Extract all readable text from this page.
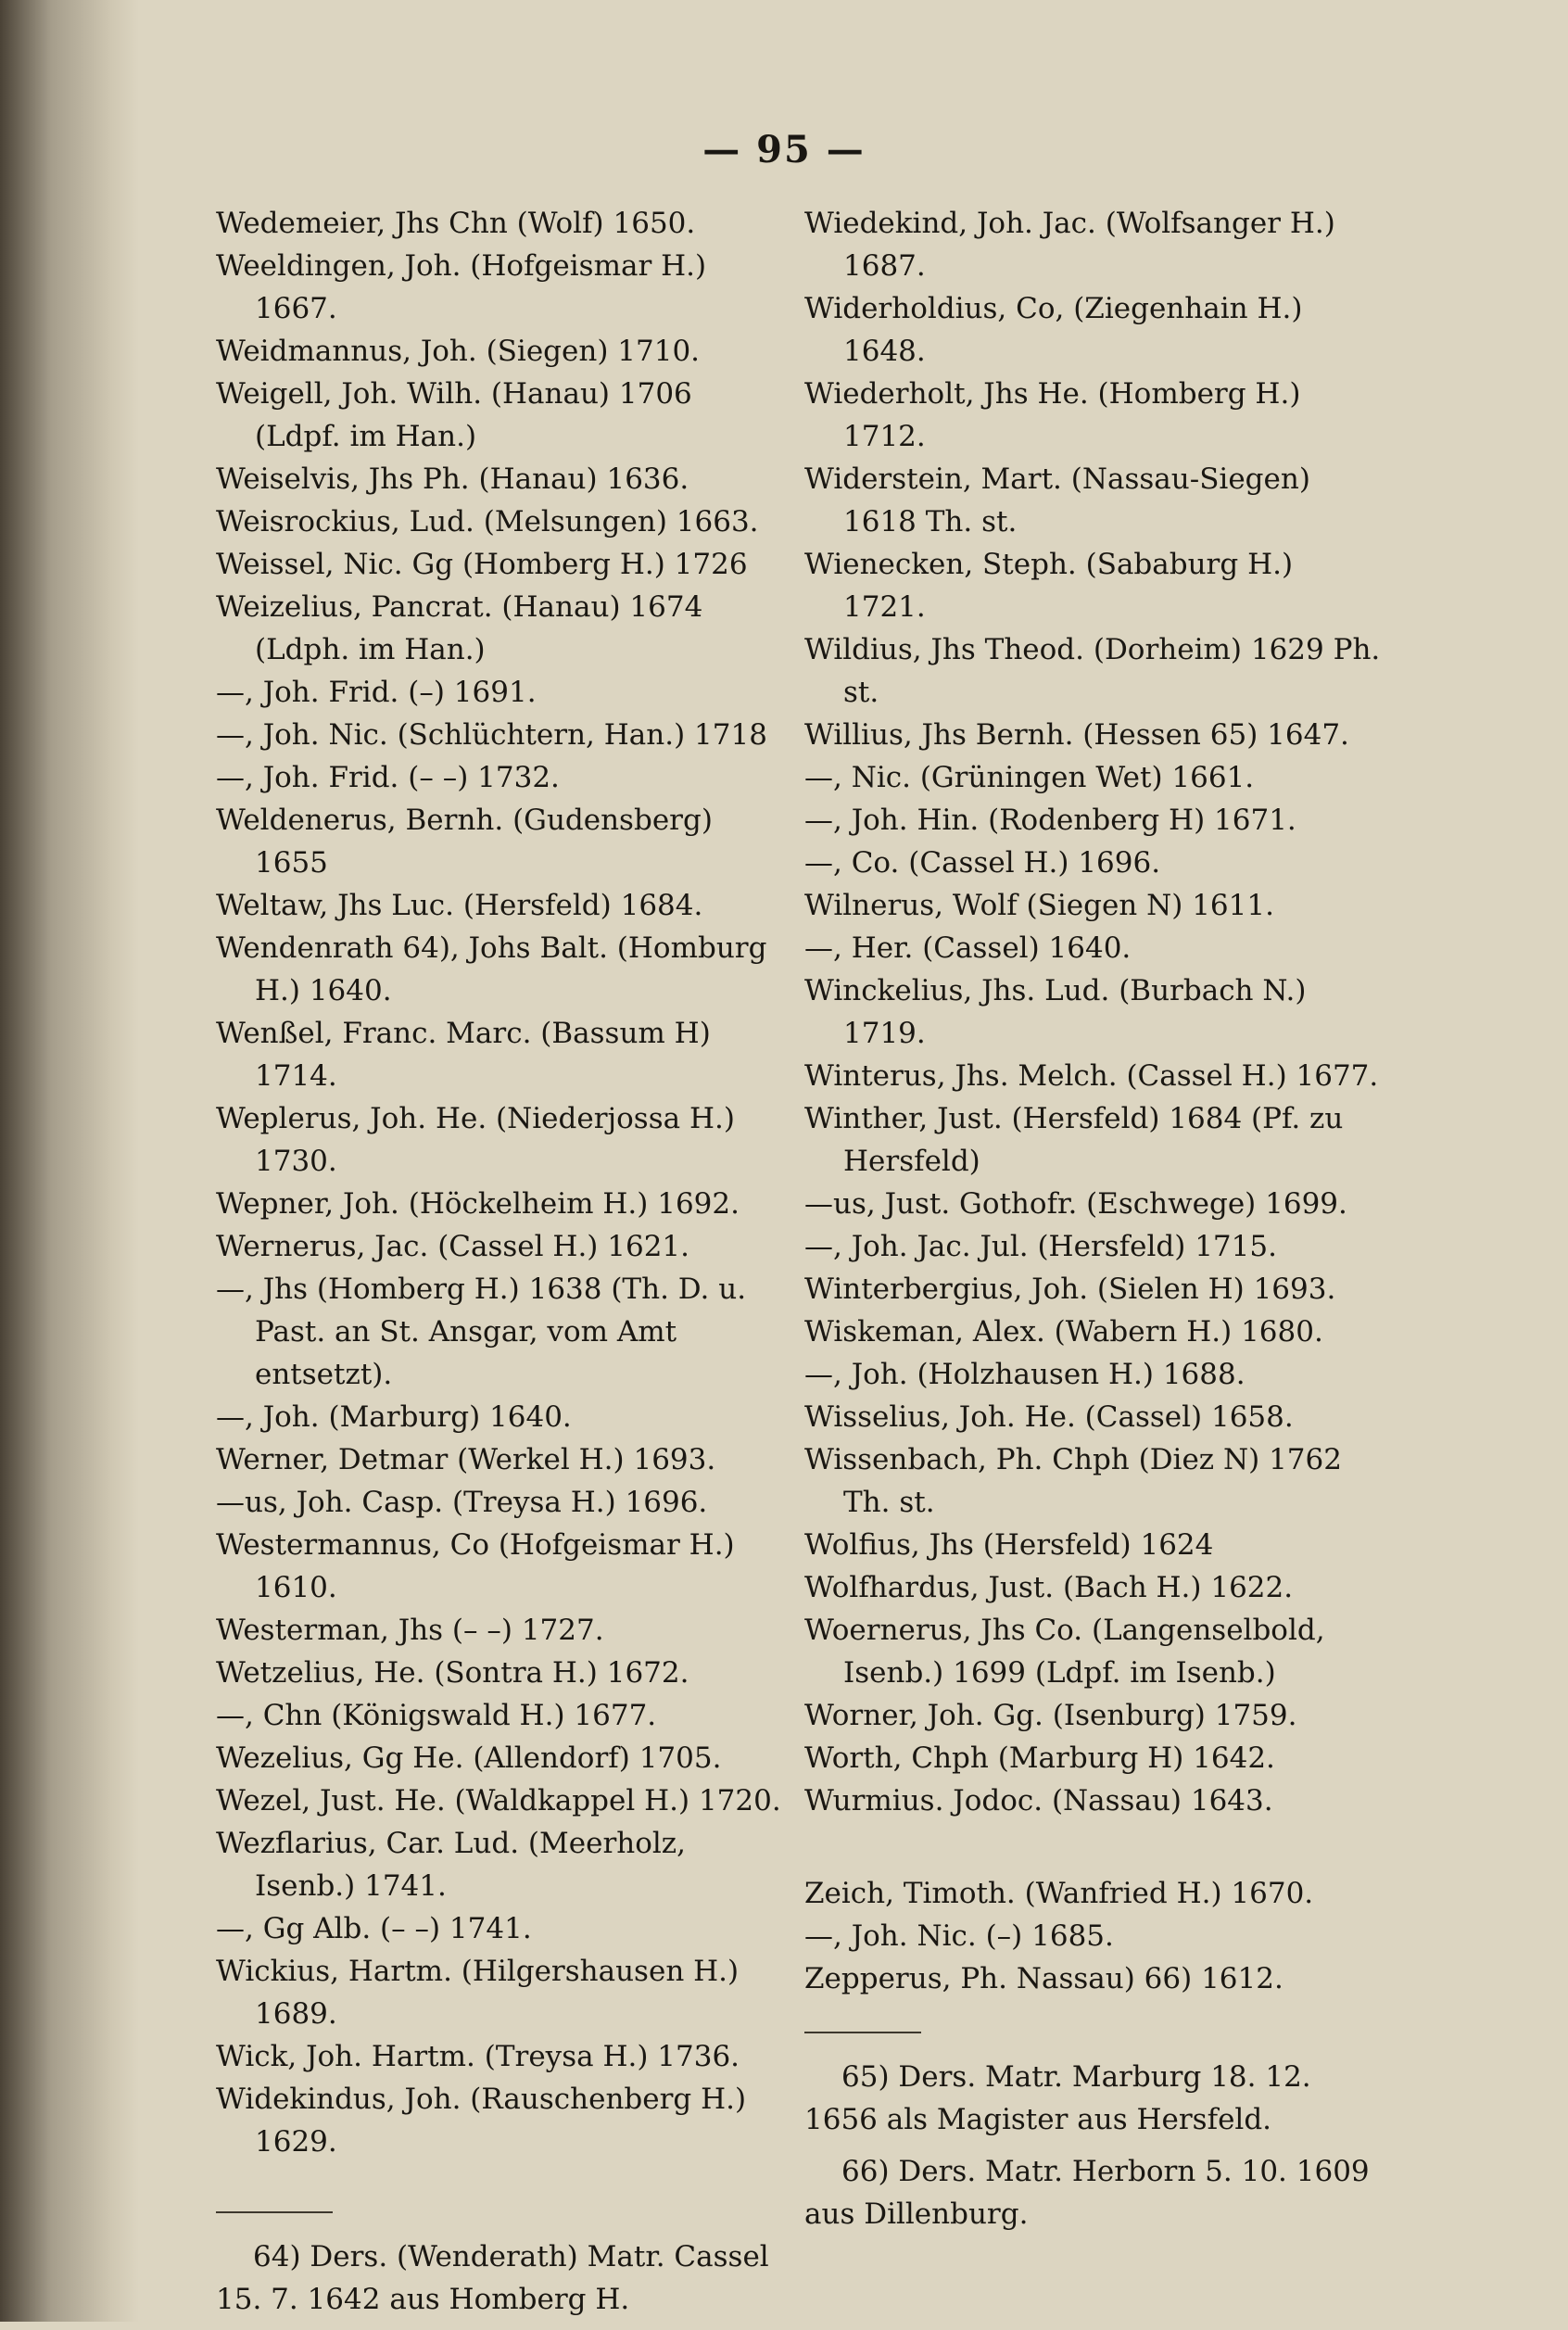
— 95 —

Wedemeier, Jhs Chn (Wolf) 1650.

Weeldingen, Joh. (Hofgeismar H.) 1667.

Weidmannus, Joh. (Siegen) 1710.

Weigell, Joh. Wilh. (Hanau) 1706 (Ldpf. im Han.)

Weiselvis, Jhs Ph. (Hanau) 1636.

Weisrockius, Lud. (Melsungen) 1663.

Weissel, Nic. Gg (Homberg H.) 1726

Weizelius, Pancrat. (Hanau) 1674 (Ldph. im Han.)

—, Joh. Frid. (–) 1691.

—, Joh. Nic. (Schlüchtern, Han.) 1718

—, Joh. Frid. (– –) 1732.

Weldenerus, Bernh. (Gudensberg) 1655

Weltaw, Jhs Luc. (Hersfeld) 1684.

Wendenrath 64), Johs Balt. (Homburg H.) 1640.

Wenßel, Franc. Marc. (Bassum H) 1714.

Weplerus, Joh. He. (Niederjossa H.) 1730.

Wepner, Joh. (Höckelheim H.) 1692.

Wernerus, Jac. (Cassel H.) 1621.

—, Jhs (Homberg H.) 1638 (Th. D. u. Past. an St. Ansgar, vom Amt entsetzt).

—, Joh. (Marburg) 1640.

Werner, Detmar (Werkel H.) 1693.

—us, Joh. Casp. (Treysa H.) 1696.

Westermannus, Co (Hofgeismar H.) 1610.

Westerman, Jhs (– –) 1727.

Wetzelius, He. (Sontra H.) 1672.

—, Chn (Königswald H.) 1677.

Wezelius, Gg He. (Allendorf) 1705.

Wezel, Just. He. (Waldkappel H.) 1720.

Wezflarius, Car. Lud. (Meerholz, Isenb.) 1741.

—, Gg Alb. (– –) 1741.

Wickius, Hartm. (Hilgershausen H.) 1689.

Wick, Joh. Hartm. (Treysa H.) 1736.

Widekindus, Joh. (Rauschenberg H.) 1629.

64) Ders. (Wenderath) Matr. Cassel 15. 7. 1642 aus Homberg H.

Wiedekind, Joh. Jac. (Wolfsanger H.) 1687.

Widerholdius, Co, (Ziegenhain H.) 1648.

Wiederholt, Jhs He. (Homberg H.) 1712.

Widerstein, Mart. (Nassau-Siegen) 1618 Th. st.

Wienecken, Steph. (Sababurg H.) 1721.

Wildius, Jhs Theod. (Dorheim) 1629 Ph. st.

Willius, Jhs Bernh. (Hessen 65) 1647.

—, Nic. (Grüningen Wet) 1661.

—, Joh. Hin. (Rodenberg H) 1671.

—, Co. (Cassel H.) 1696.

Wilnerus, Wolf (Siegen N) 1611.

—, Her. (Cassel) 1640.

Winckelius, Jhs. Lud. (Burbach N.) 1719.

Winterus, Jhs. Melch. (Cassel H.) 1677.

Winther, Just. (Hersfeld) 1684 (Pf. zu Hersfeld)

—us, Just. Gothofr. (Eschwege) 1699.

—, Joh. Jac. Jul. (Hersfeld) 1715.

Winterbergius, Joh. (Sielen H) 1693.

Wiskeman, Alex. (Wabern H.) 1680.

—, Joh. (Holzhausen H.) 1688.

Wisselius, Joh. He. (Cassel) 1658.

Wissenbach, Ph. Chph (Diez N) 1762 Th. st.

Wolfius, Jhs (Hersfeld) 1624

Wolfhardus, Just. (Bach H.) 1622.

Woernerus, Jhs Co. (Langenselbold, Isenb.) 1699 (Ldpf. im Isenb.)

Worner, Joh. Gg. (Isenburg) 1759.

Worth, Chph (Marburg H) 1642.

Wurmius. Jodoc. (Nassau) 1643.

Zeich, Timoth. (Wanfried H.) 1670.

—, Joh. Nic. (–) 1685.

Zepperus, Ph. Nassau) 66) 1612.

65) Ders. Matr. Marburg 18. 12. 1656 als Magister aus Hersfeld.

66) Ders. Matr. Herborn 5. 10. 1609 aus Dillenburg.
